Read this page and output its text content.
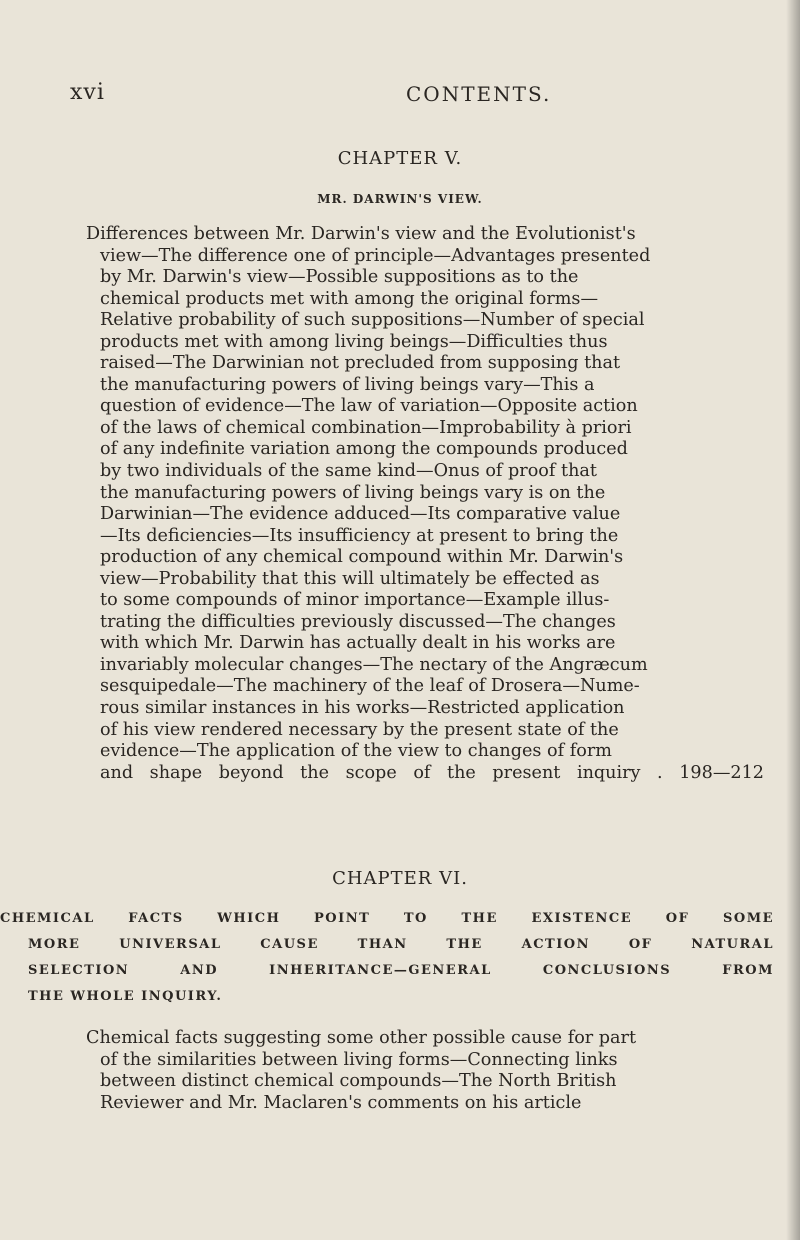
xvi	CONTENTS.
CHAPTER V.
MR. DARWIN'S VIEW.
Differences between Mr. Darwin's view and the Evolutionist's
view—The difference one of principle—Advantages presented
by Mr. Darwin's view—Possible suppositions as to the
chemical products met with among the original forms—
Relative probability of such suppositions—Number of special
products met with among living beings—Difficulties thus
raised—The Darwinian not precluded from supposing that
the manufacturing powers of living beings vary—This a
question of evidence—The law of variation—Opposite action
of the laws of chemical combination—Improbability à priori
of any indefinite variation among the compounds produced
by two individuals of the same kind—Onus of proof that
the manufacturing powers of living beings vary is on the
Darwinian—The evidence adduced—Its comparative value
—Its deficiencies—Its insufficiency at present to bring the
production of any chemical compound within Mr. Darwin's
view—Probability that this will ultimately be effected as
to some compounds of minor importance—Example illus-
trating the difficulties previously discussed—The changes
with which Mr. Darwin has actually dealt in his works are
invariably molecular changes—The nectary of the Angræcum
sesquipedale—The machinery of the leaf of Drosera—Nume-
rous similar instances in his works—Restricted application
of his view rendered necessary by the present state of the
evidence—The application of the view to changes of form
and shape beyond the scope of the present inquiry . 198—212
CHAPTER VI.
CHEMICAL FACTS WHICH POINT TO THE EXISTENCE OF SOME
MORE UNIVERSAL CAUSE THAN THE ACTION OF NATURAL
SELECTION AND INHERITANCE—GENERAL CONCLUSIONS FROM
THE WHOLE INQUIRY.
Chemical facts suggesting some other possible cause for part
of the similarities between living forms—Connecting links
between distinct chemical compounds—The North British
Reviewer and Mr. Maclaren's comments on his article
